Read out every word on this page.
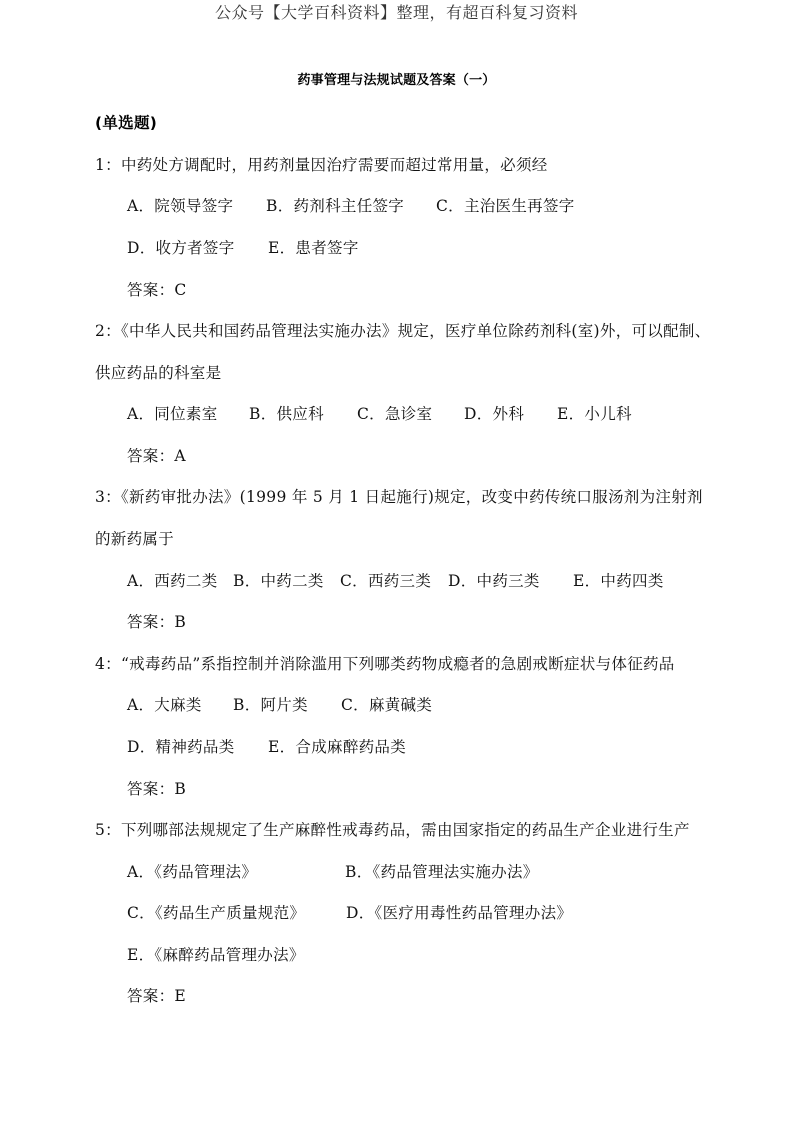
公众号【大学百科资料】整理，有超百科复习资料
药事管理与法规试题及答案（一）
(单选题)
1：中药处方调配时，用药剂量因治疗需要而超过常用量，必须经
A．院领导签字 B．药剂科主任签字 C．主治医生再签字
D．收方者签字 E．患者签字
答案：C
2：《中华人民共和国药品管理法实施办法》规定，医疗单位除药剂科(室)外，可以配制、
供应药品的科室是
A．同位素室 B．供应科 C．急诊室 D．外科 E．小儿科
答案：A
3：《新药审批办法》(1999 年 5 月 1 日起施行)规定，改变中药传统口服汤剂为注射剂
的新药属于
A．西药二类 B．中药二类 C．西药三类 D．中药三类 E．中药四类
答案：B
4：“戒毒药品”系指控制并消除滥用下列哪类药物成瘾者的急剧戒断症状与体征药品
A．大麻类 B．阿片类 C．麻黄碱类
D．精神药品类 E．合成麻醉药品类
答案：B
5：下列哪部法规规定了生产麻醉性戒毒药品，需由国家指定的药品生产企业进行生产
A．《药品管理法》	B．《药品管理法实施办法》
C．《药品生产质量规范》	D．《医疗用毒性药品管理办法》
E．《麻醉药品管理办法》
答案：E
